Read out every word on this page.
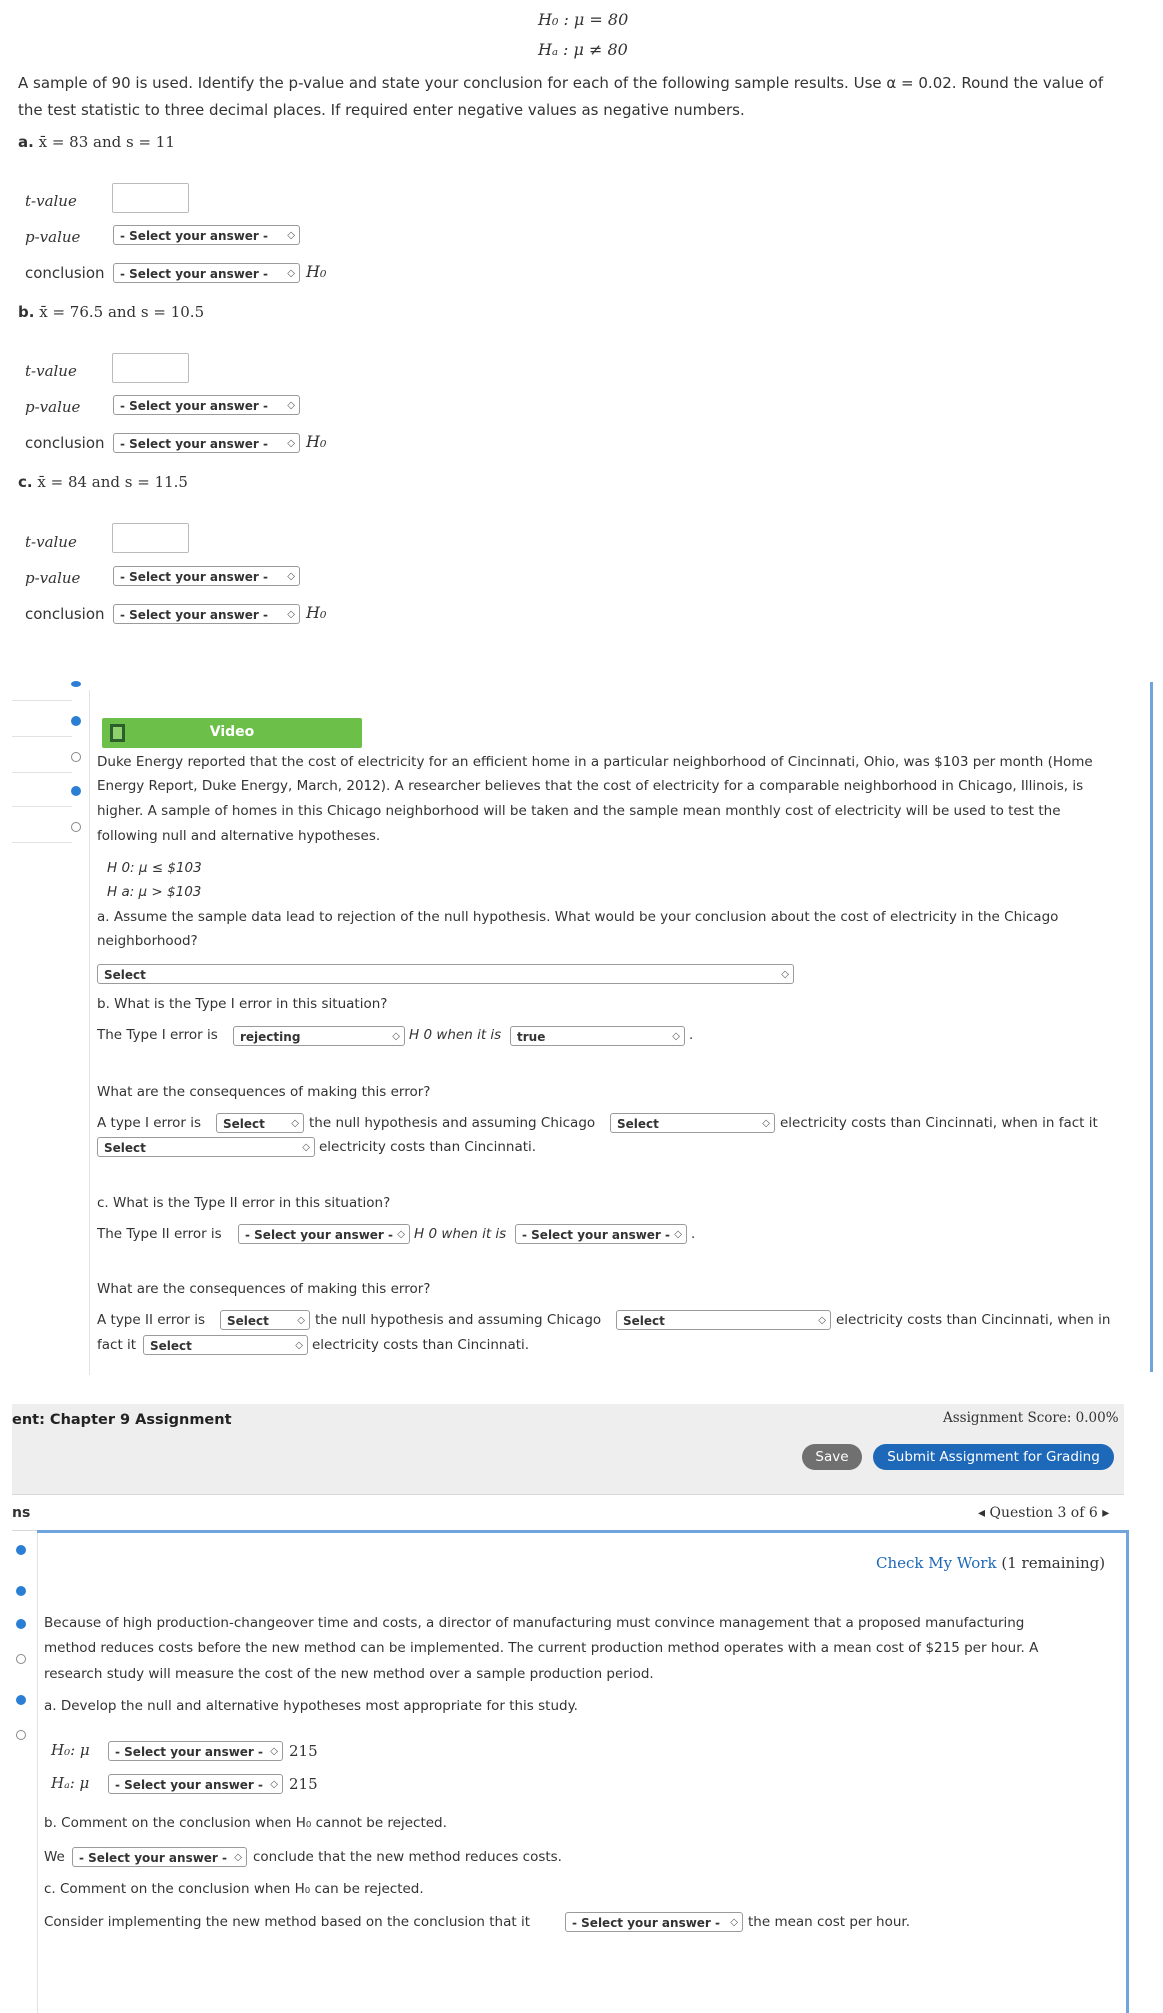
H₀ : μ = 80
Hₐ : μ ≠ 80
A sample of 90 is used. Identify the p-value and state your conclusion for each of the following sample results. Use α = 0.02. Round the value of
the test statistic to three decimal places. If required enter negative values as negative numbers.
a. x̄ = 83 and s = 11
t-value
p-value	- Select your answer - ◇
conclusion	- Select your answer - ◇ H₀
b. x̄ = 76.5 and s = 10.5
t-value
p-value	- Select your answer - ◇
conclusion	- Select your answer - ◇ H₀
c. x̄ = 84 and s = 11.5
t-value
p-value	- Select your answer - ◇
conclusion	- Select your answer - ◇ H₀
Video
Duke Energy reported that the cost of electricity for an efficient home in a particular neighborhood of Cincinnati, Ohio, was $103 per month (Home
Energy Report, Duke Energy, March, 2012). A researcher believes that the cost of electricity for a comparable neighborhood in Chicago, Illinois, is
higher. A sample of homes in this Chicago neighborhood will be taken and the sample mean monthly cost of electricity will be used to test the
following null and alternative hypotheses.
H 0: μ ≤ $103
H a: μ > $103
a. Assume the sample data lead to rejection of the null hypothesis. What would be your conclusion about the cost of electricity in the Chicago
neighborhood?
Select	◇
b. What is the Type I error in this situation?
The Type I error is	rejecting	◇ H 0 when it is	true	◇ .
What are the consequences of making this error?
A type I error is	Select	◇ the null hypothesis and assuming Chicago	Select	◇ electricity costs than Cincinnati, when in fact it
Select	◇ electricity costs than Cincinnati.
c. What is the Type II error in this situation?
The Type II error is	- Select your answer - ◇ H 0 when it is	- Select your answer - ◇ .
What are the consequences of making this error?
A type II error is	Select	◇ the null hypothesis and assuming Chicago	Select	◇ electricity costs than Cincinnati, when in
fact it	Select	◇ electricity costs than Cincinnati.
ent: Chapter 9 Assignment	Assignment Score: 0.00%
Save	Submit Assignment for Grading
ns	◂ Question 3 of 6 ▸
Check My Work (1 remaining)
Because of high production-changeover time and costs, a director of manufacturing must convince management that a proposed manufacturing
method reduces costs before the new method can be implemented. The current production method operates with a mean cost of $215 per hour. A
research study will measure the cost of the new method over a sample production period.
a. Develop the null and alternative hypotheses most appropriate for this study.
H₀: μ	- Select your answer - ◇ 215
Hₐ: μ	- Select your answer - ◇ 215
b. Comment on the conclusion when H₀ cannot be rejected.
We	- Select your answer - ◇ conclude that the new method reduces costs.
c. Comment on the conclusion when H₀ can be rejected.
Consider implementing the new method based on the conclusion that it	- Select your answer - ◇ the mean cost per hour.
